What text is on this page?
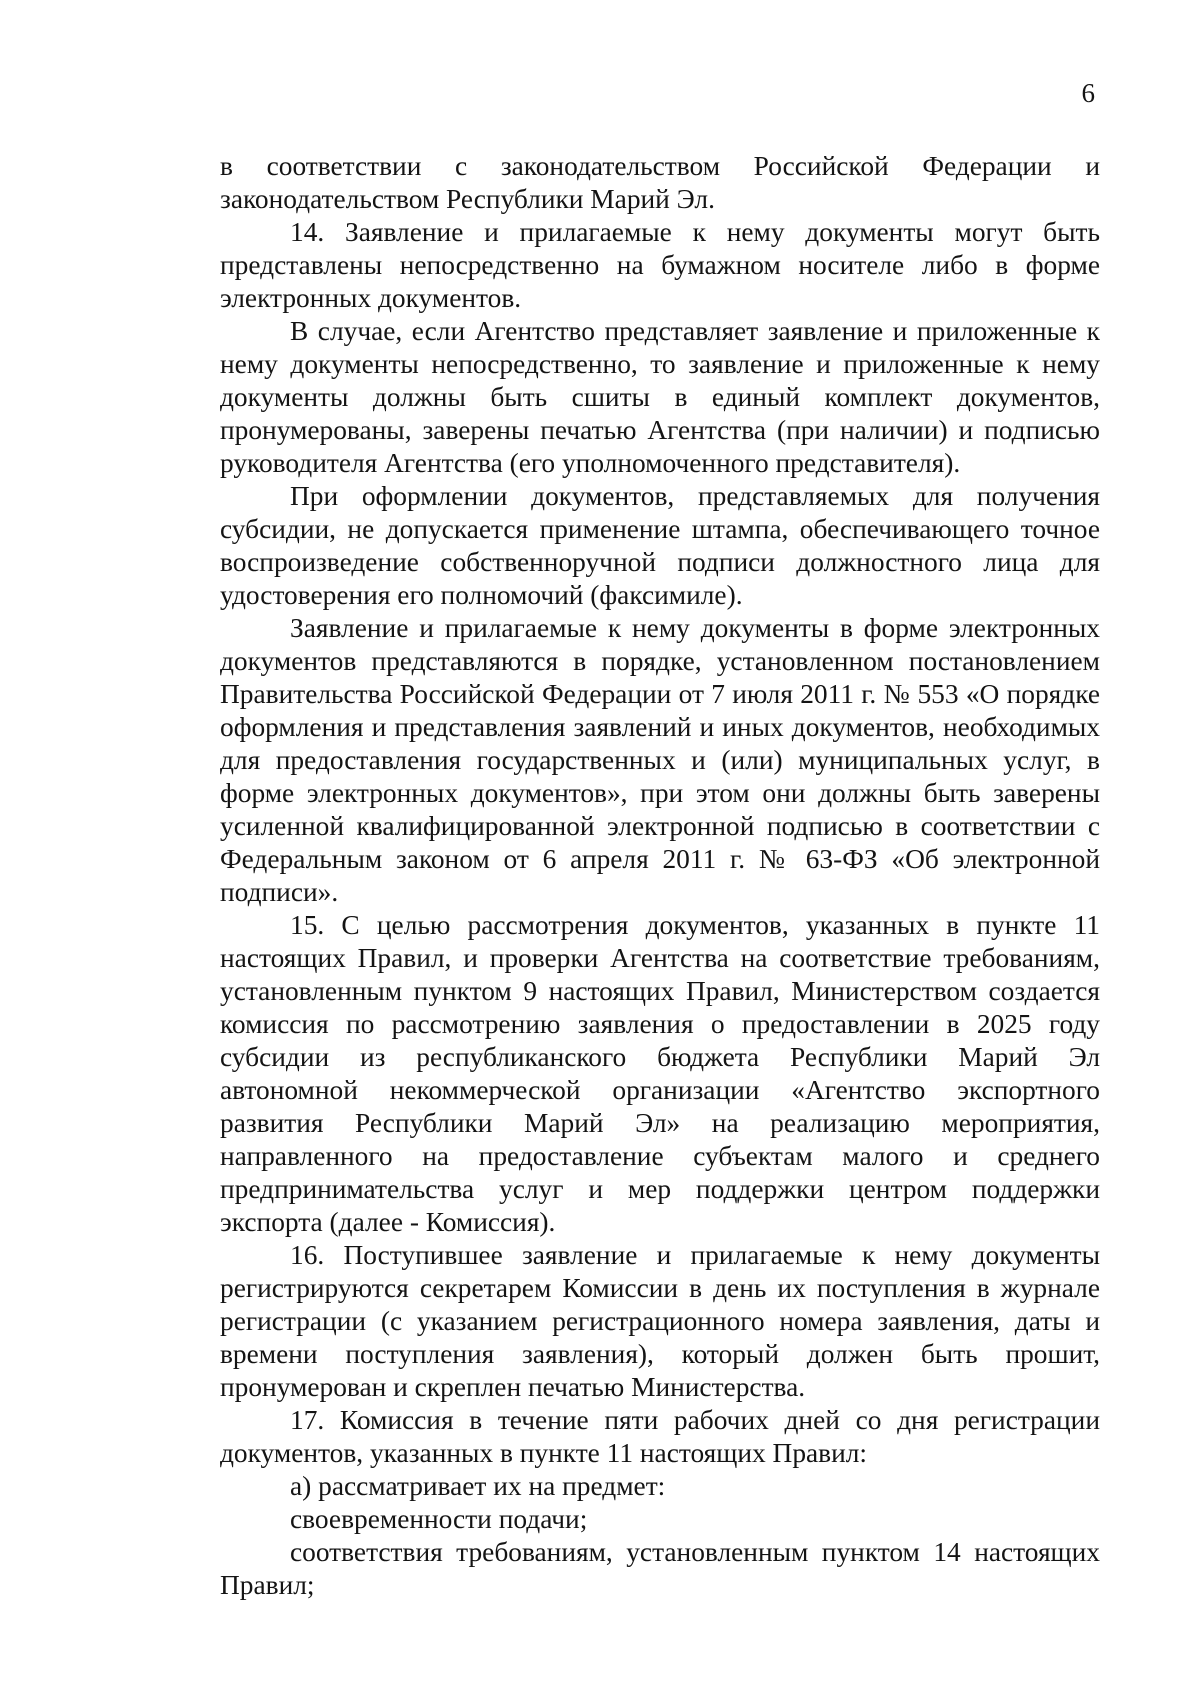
6

в соответствии с законодательством Российской Федерации и законодательством Республики Марий Эл.

14. Заявление и прилагаемые к нему документы могут быть представлены непосредственно на бумажном носителе либо в форме электронных документов.

В случае, если Агентство представляет заявление и приложенные к нему документы непосредственно, то заявление и приложенные к нему документы должны быть сшиты в единый комплект документов, пронумерованы, заверены печатью Агентства (при наличии) и подписью руководителя Агентства (его уполномоченного представителя).

При оформлении документов, представляемых для получения субсидии, не допускается применение штампа, обеспечивающего точное воспроизведение собственноручной подписи должностного лица для удостоверения его полномочий (факсимиле).

Заявление и прилагаемые к нему документы в форме электронных документов представляются в порядке, установленном постановлением Правительства Российской Федерации от 7 июля 2011 г. № 553 «О порядке оформления и представления заявлений и иных документов, необходимых для предоставления государственных и (или) муниципальных услуг, в форме электронных документов», при этом они должны быть заверены усиленной квалифицированной электронной подписью в соответствии с Федеральным законом от 6 апреля 2011 г. № 63-ФЗ «Об электронной подписи».

15. С целью рассмотрения документов, указанных в пункте 11 настоящих Правил, и проверки Агентства на соответствие требованиям, установленным пунктом 9 настоящих Правил, Министерством создается комиссия по рассмотрению заявления о предоставлении в 2025 году субсидии из республиканского бюджета Республики Марий Эл автономной некоммерческой организации «Агентство экспортного развития Республики Марий Эл» на реализацию мероприятия, направленного на предоставление субъектам малого и среднего предпринимательства услуг и мер поддержки центром поддержки экспорта (далее - Комиссия).

16. Поступившее заявление и прилагаемые к нему документы регистрируются секретарем Комиссии в день их поступления в журнале регистрации (с указанием регистрационного номера заявления, даты и времени поступления заявления), который должен быть прошит, пронумерован и скреплен печатью Министерства.

17. Комиссия в течение пяти рабочих дней со дня регистрации документов, указанных в пункте 11 настоящих Правил:

а) рассматривает их на предмет:

своевременности подачи;

соответствия требованиям, установленным пунктом 14 настоящих Правил;
